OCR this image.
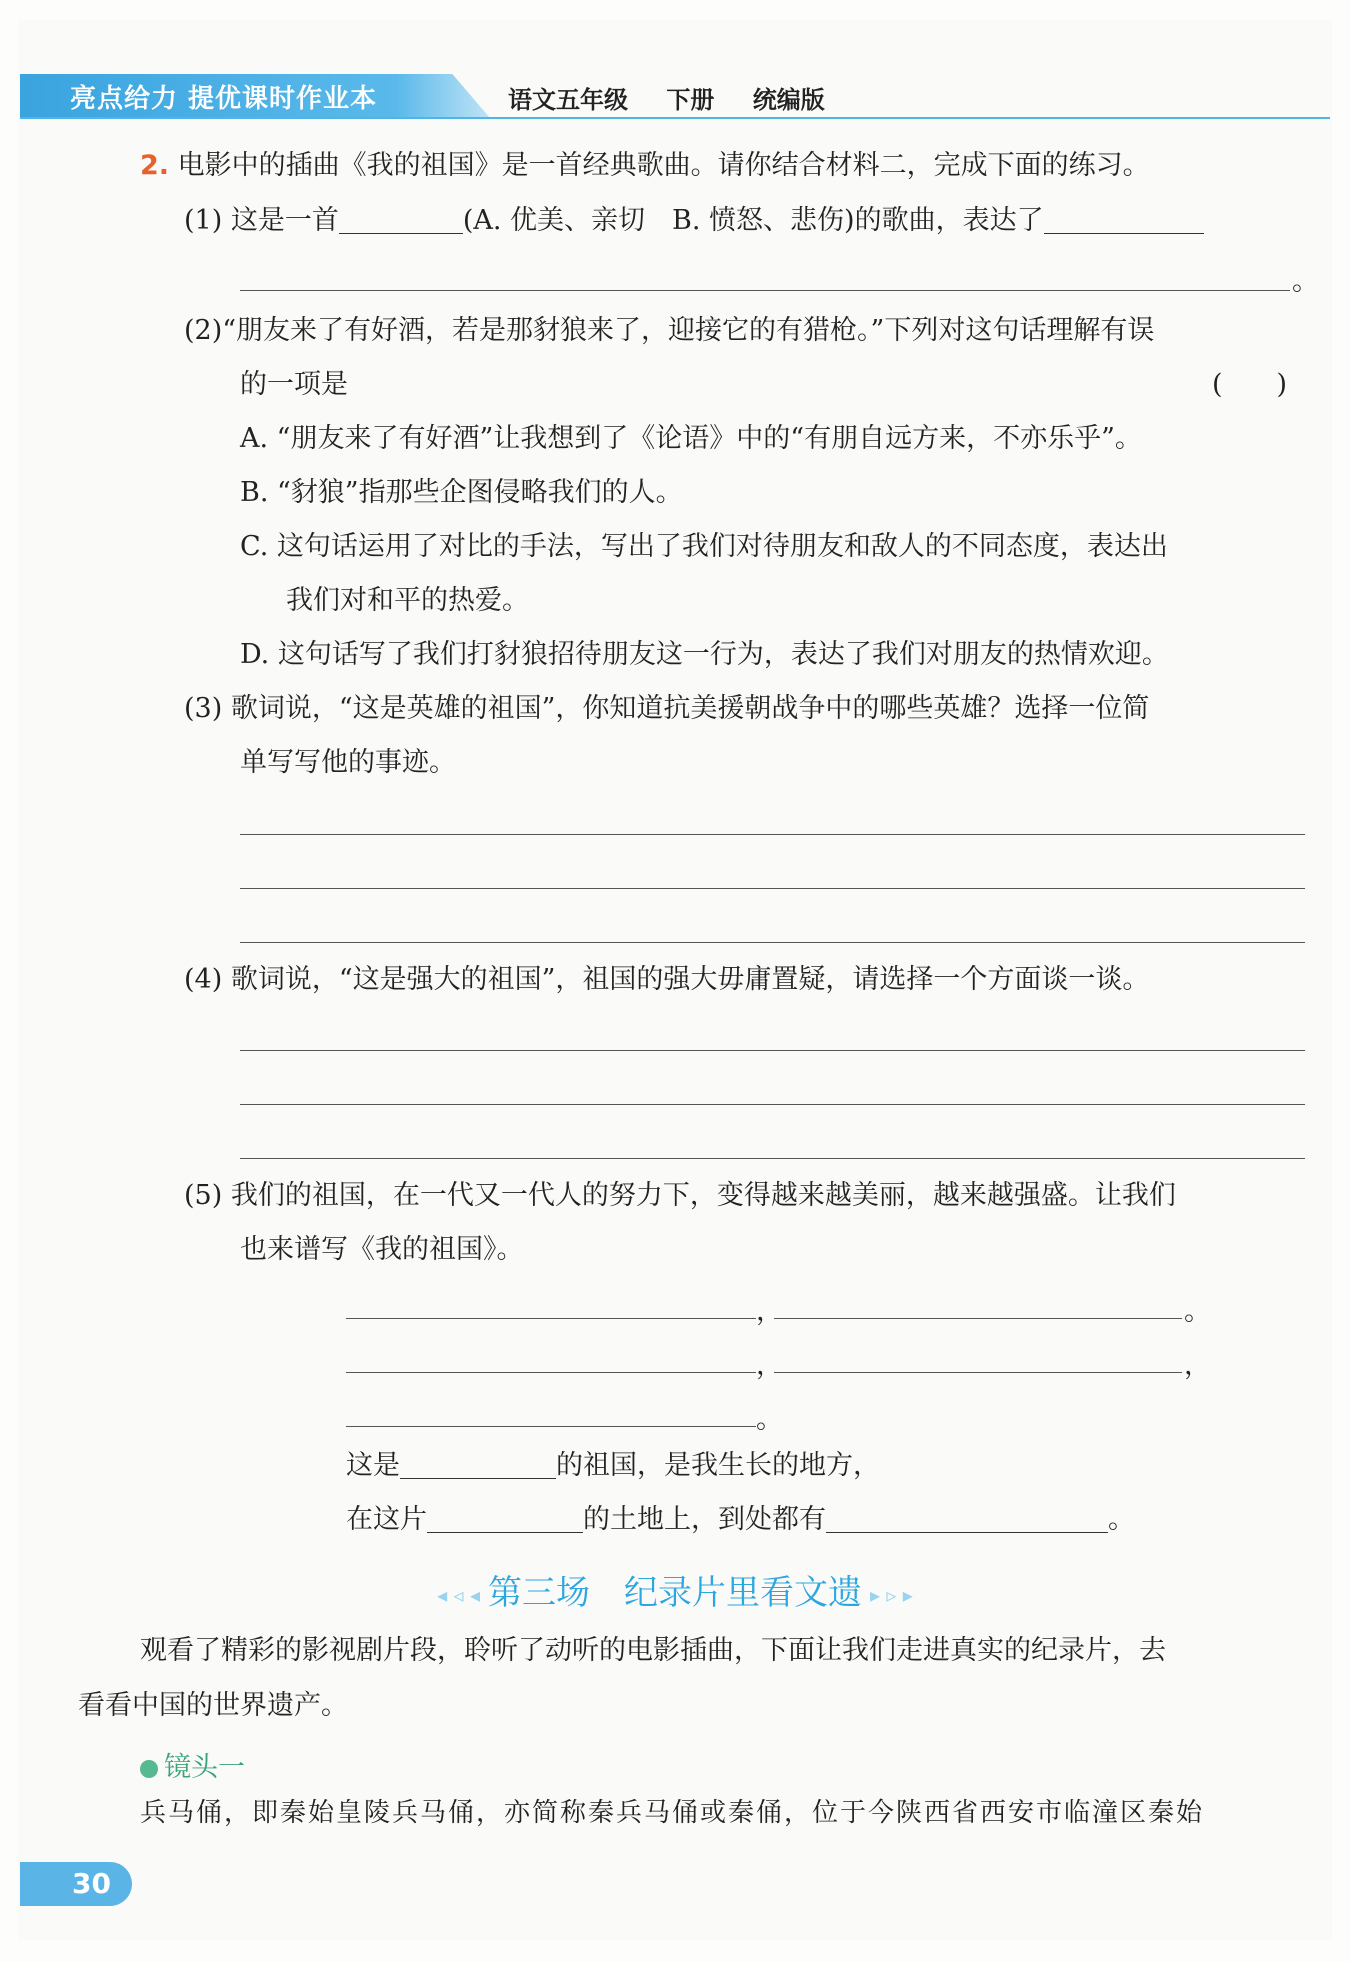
亮点给力 提优课时作业本	语文五年级 下册 统编版
2. 电影中的插曲《我的祖国》是一首经典歌曲。请你结合材料二，完成下面的练习。
(1) 这是一首	(A. 优美、亲切　B. 愤怒、悲伤)的歌曲，表达了
。
(2)“朋友来了有好酒，若是那豺狼来了，迎接它的有猎枪。”下列对这句话理解有误
的一项是	(　　)
A. “朋友来了有好酒”让我想到了《论语》中的“有朋自远方来，不亦乐乎”。
B. “豺狼”指那些企图侵略我们的人。
C. 这句话运用了对比的手法，写出了我们对待朋友和敌人的不同态度，表达出
我们对和平的热爱。
D. 这句话写了我们打豺狼招待朋友这一行为，表达了我们对朋友的热情欢迎。
(3) 歌词说，“这是英雄的祖国”，你知道抗美援朝战争中的哪些英雄？选择一位简
单写写他的事迹。
(4) 歌词说，“这是强大的祖国”，祖国的强大毋庸置疑，请选择一个方面谈一谈。
(5) 我们的祖国，在一代又一代人的努力下，变得越来越美丽，越来越强盛。让我们
也来谱写《我的祖国》。
，	。
，	，
。
这是	的祖国，是我生长的地方，
在这片	的土地上，到处都有	。
◂ ◃ ◂ 第三场　纪录片里看文遗 ▸ ▹ ▸
观看了精彩的影视剧片段，聆听了动听的电影插曲，下面让我们走进真实的纪录片，去
看看中国的世界遗产。
镜头一
兵马俑，即秦始皇陵兵马俑，亦简称秦兵马俑或秦俑，位于今陕西省西安市临潼区秦始
30
